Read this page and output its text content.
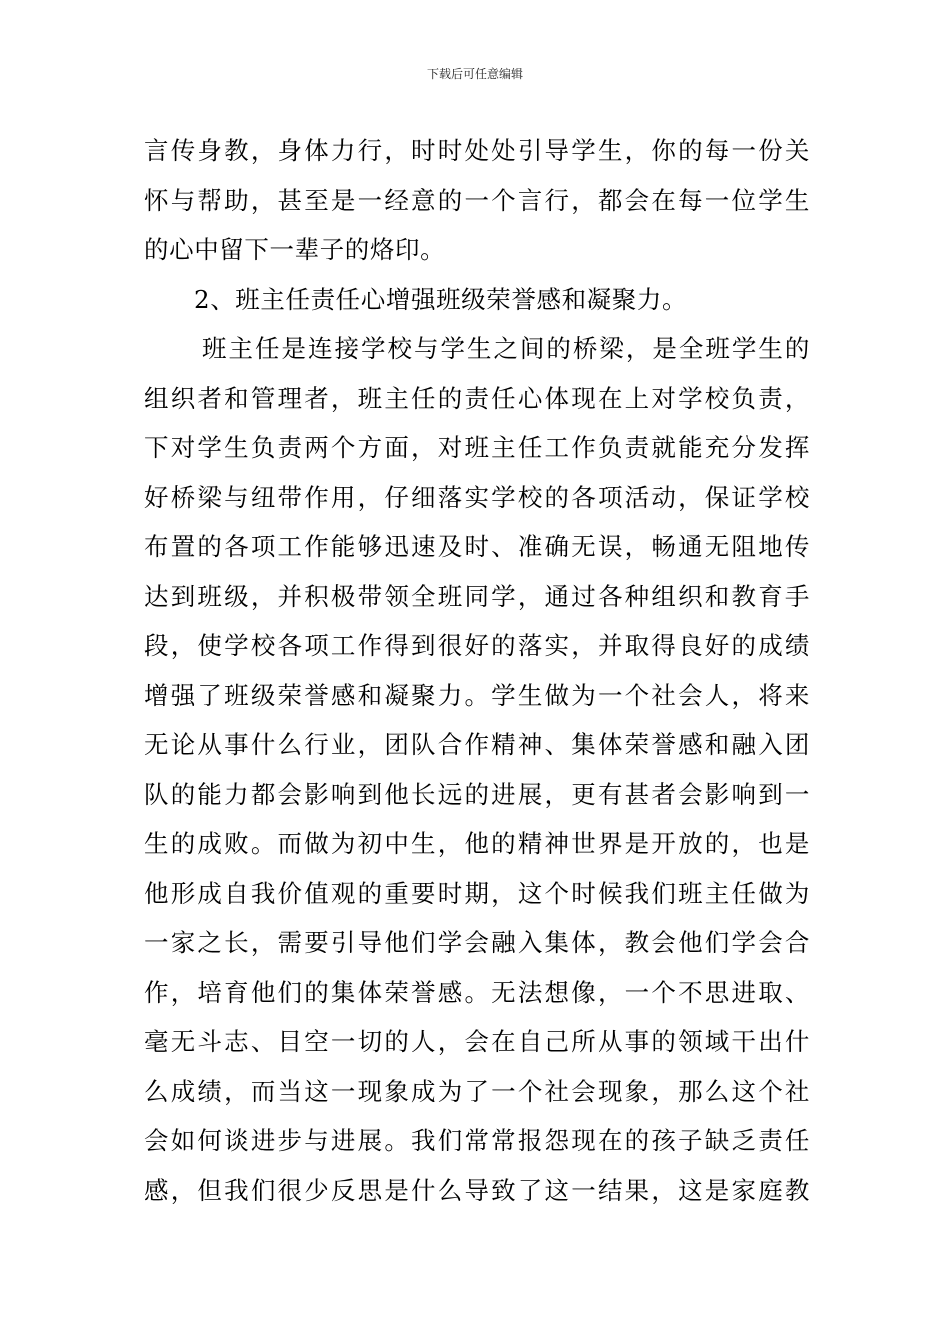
下载后可任意编辑
言传身教，身体力行，时时处处引导学生，你的每一份关
怀与帮助，甚至是一经意的一个言行，都会在每一位学生
的心中留下一辈子的烙印。
2、班主任责任心增强班级荣誉感和凝聚力。
班主任是连接学校与学生之间的桥梁，是全班学生的
组织者和管理者，班主任的责任心体现在上对学校负责，
下对学生负责两个方面，对班主任工作负责就能充分发挥
好桥梁与纽带作用，仔细落实学校的各项活动，保证学校
布置的各项工作能够迅速及时、准确无误，畅通无阻地传
达到班级，并积极带领全班同学，通过各种组织和教育手
段，使学校各项工作得到很好的落实，并取得良好的成绩
增强了班级荣誉感和凝聚力。学生做为一个社会人，将来
无论从事什么行业，团队合作精神、集体荣誉感和融入团
队的能力都会影响到他长远的进展，更有甚者会影响到一
生的成败。而做为初中生，他的精神世界是开放的，也是
他形成自我价值观的重要时期，这个时候我们班主任做为
一家之长，需要引导他们学会融入集体，教会他们学会合
作，培育他们的集体荣誉感。无法想像，一个不思进取、
毫无斗志、目空一切的人，会在自己所从事的领域干出什
么成绩，而当这一现象成为了一个社会现象，那么这个社
会如何谈进步与进展。我们常常报怨现在的孩子缺乏责任
感，但我们很少反思是什么导致了这一结果，这是家庭教
